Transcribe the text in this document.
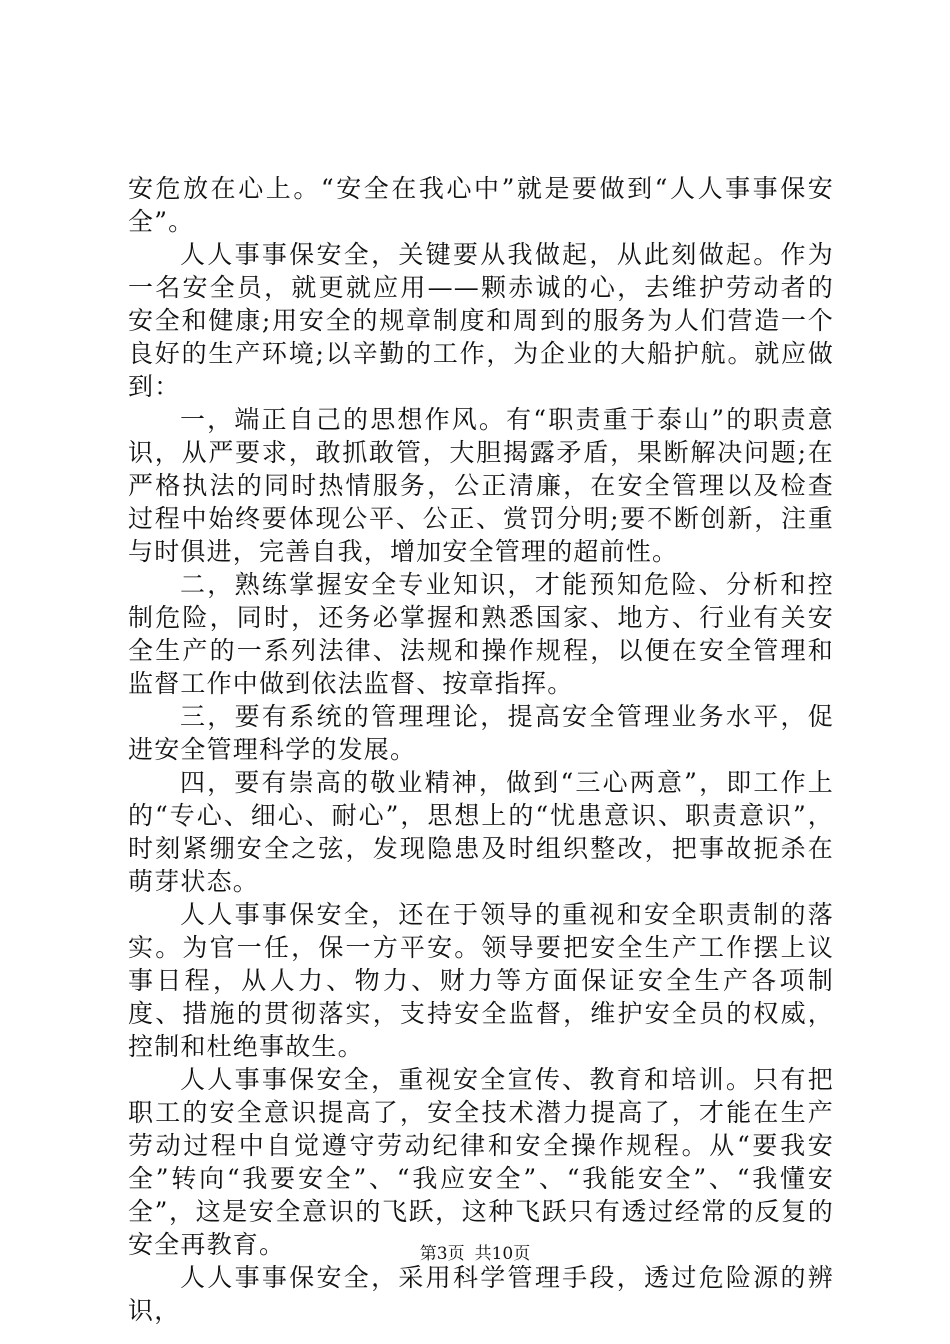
安危放在心上。“安全在我心中”就是要做到“人人事事保安全”。

人人事事保安全，关键要从我做起，从此刻做起。作为一名安全员，就更就应用——颗赤诚的心，去维护劳动者的安全和健康;用安全的规章制度和周到的服务为人们营造一个良好的生产环境;以辛勤的工作，为企业的大船护航。就应做到：

一，端正自己的思想作风。有“职责重于泰山”的职责意识，从严要求，敢抓敢管，大胆揭露矛盾，果断解决问题;在严格执法的同时热情服务，公正清廉，在安全管理以及检查过程中始终要体现公平、公正、赏罚分明;要不断创新，注重与时俱进，完善自我，增加安全管理的超前性。

二，熟练掌握安全专业知识，才能预知危险、分析和控制危险，同时，还务必掌握和熟悉国家、地方、行业有关安全生产的一系列法律、法规和操作规程，以便在安全管理和监督工作中做到依法监督、按章指挥。

三，要有系统的管理理论，提高安全管理业务水平，促进安全管理科学的发展。

四，要有崇高的敬业精神，做到“三心两意”，即工作上的“专心、细心、耐心”，思想上的“忧患意识、职责意识”，时刻紧绷安全之弦，发现隐患及时组织整改，把事故扼杀在萌芽状态。

人人事事保安全，还在于领导的重视和安全职责制的落实。为官一任，保一方平安。领导要把安全生产工作摆上议事日程，从人力、物力、财力等方面保证安全生产各项制度、措施的贯彻落实，支持安全监督，维护安全员的权威，控制和杜绝事故生。

人人事事保安全，重视安全宣传、教育和培训。只有把职工的安全意识提高了，安全技术潜力提高了，才能在生产劳动过程中自觉遵守劳动纪律和安全操作规程。从“要我安全”转向“我要安全”、“我应安全”、“我能安全”、“我懂安全”，这是安全意识的飞跃，这种飞跃只有透过经常的反复的安全再教育。

人人事事保安全，采用科学管理手段，透过危险源的辨识，

第3页 共10页
